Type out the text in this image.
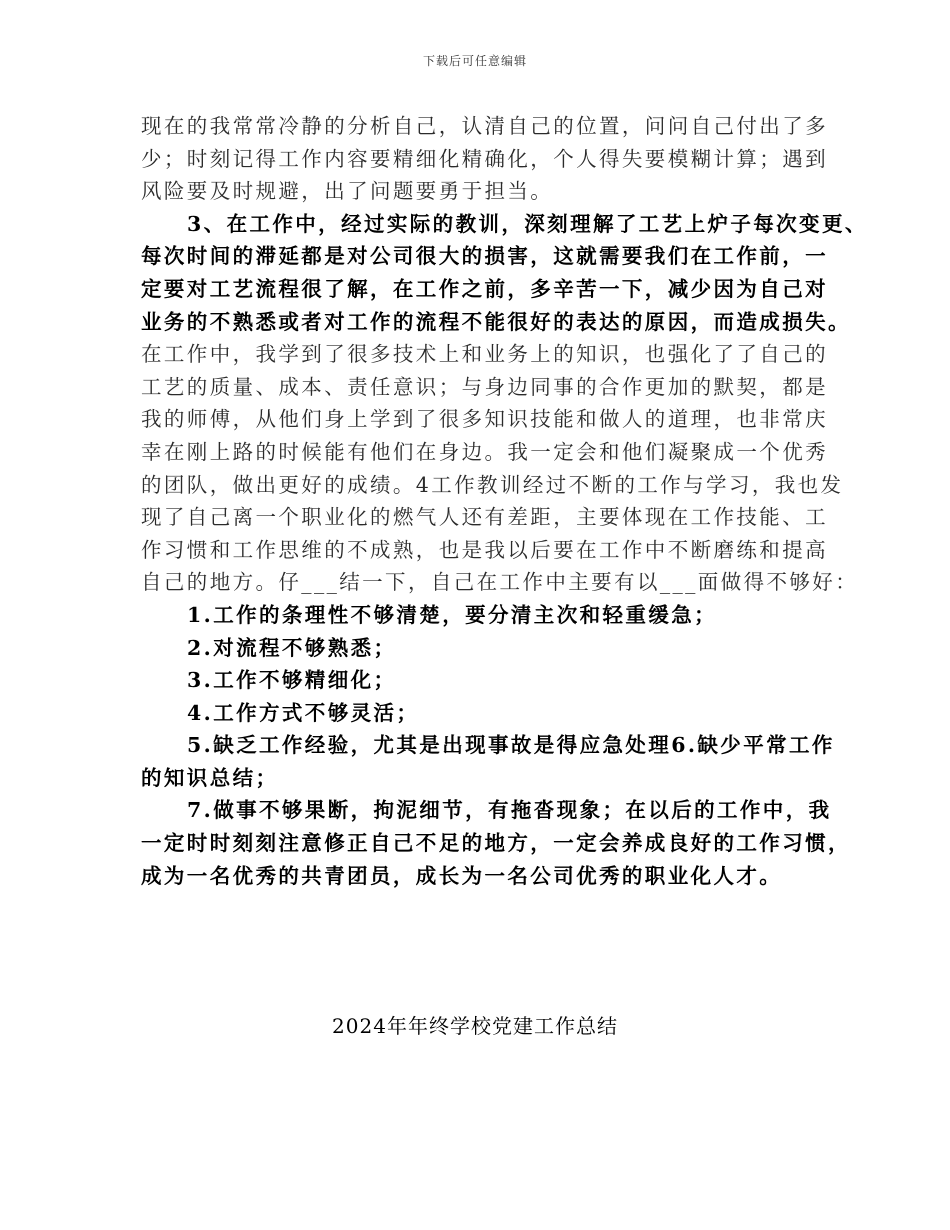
下载后可任意编辑
现在的我常常冷静的分析自己，认清自己的位置，问问自己付出了多
少；时刻记得工作内容要精细化精确化，个人得失要模糊计算；遇到
风险要及时规避，出了问题要勇于担当。
3、在工作中，经过实际的教训，深刻理解了工艺上炉子每次变更、
每次时间的滞延都是对公司很大的损害，这就需要我们在工作前，一
定要对工艺流程很了解，在工作之前，多辛苦一下，减少因为自己对
业务的不熟悉或者对工作的流程不能很好的表达的原因，而造成损失。
在工作中，我学到了很多技术上和业务上的知识，也强化了了自己的
工艺的质量、成本、责任意识；与身边同事的合作更加的默契，都是
我的师傅，从他们身上学到了很多知识技能和做人的道理，也非常庆
幸在刚上路的时候能有他们在身边。我一定会和他们凝聚成一个优秀
的团队，做出更好的成绩。4工作教训经过不断的工作与学习，我也发
现了自己离一个职业化的燃气人还有差距，主要体现在工作技能、工
作习惯和工作思维的不成熟，也是我以后要在工作中不断磨练和提高
自己的地方。仔___结一下，自己在工作中主要有以___面做得不够好：
1.工作的条理性不够清楚，要分清主次和轻重缓急；
2.对流程不够熟悉；
3.工作不够精细化；
4.工作方式不够灵活；
5.缺乏工作经验，尤其是出现事故是得应急处理6.缺少平常工作
的知识总结；
7.做事不够果断，拘泥细节，有拖沓现象；在以后的工作中，我
一定时时刻刻注意修正自己不足的地方，一定会养成良好的工作习惯，
成为一名优秀的共青团员，成长为一名公司优秀的职业化人才。
2024年年终学校党建工作总结
